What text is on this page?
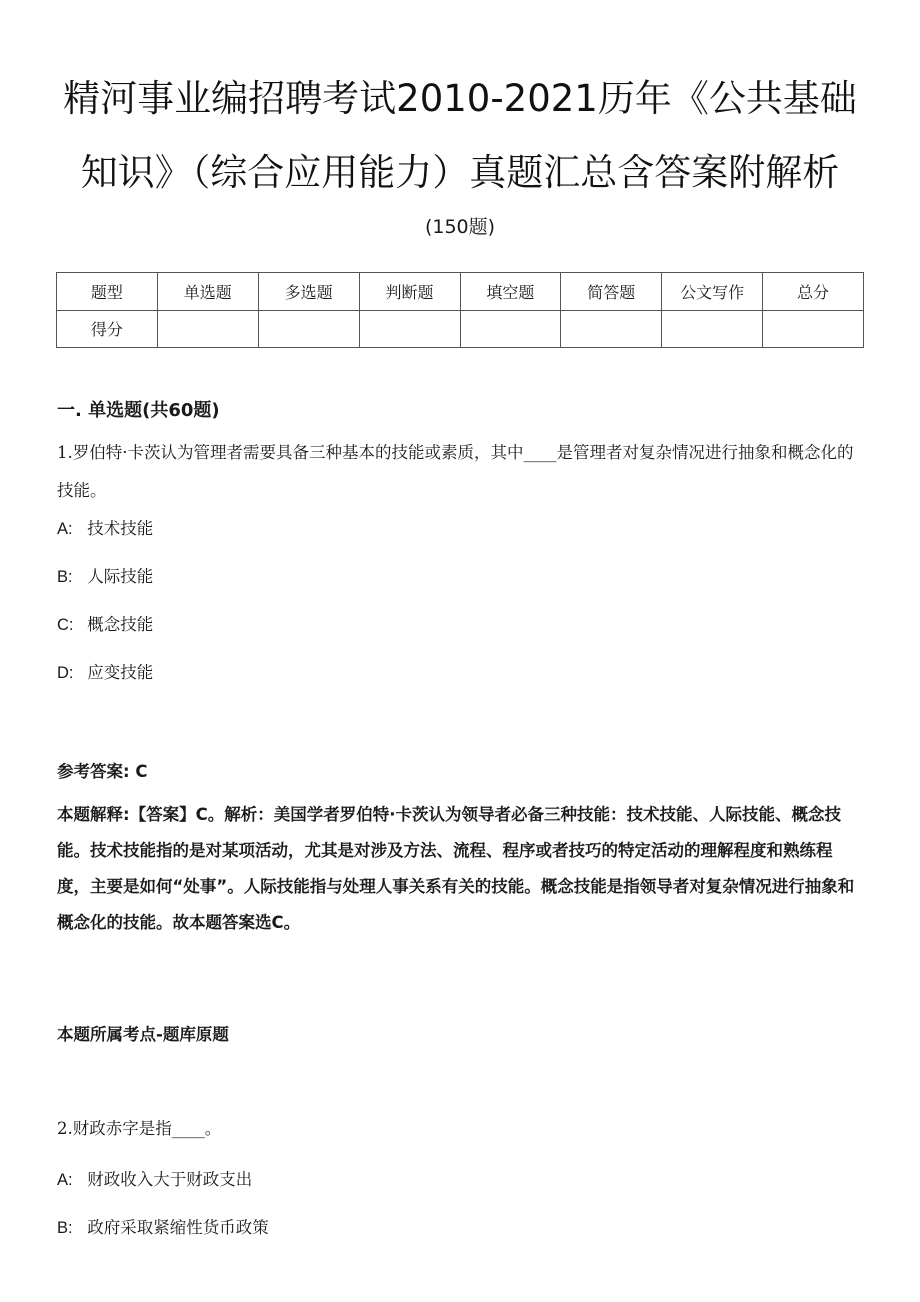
精河事业编招聘考试2010-2021历年《公共基础
知识》（综合应用能力）真题汇总含答案附解析
(150题)
题型	单选题	多选题	判断题	填空题	简答题	公文写作	总分
得分							
一. 单选题(共60题)
1.罗伯特·卡茨认为管理者需要具备三种基本的技能或素质，其中____是管理者对复杂情况进行抽象和概念化的技能。
A: 技术技能
B: 人际技能
C: 概念技能
D: 应变技能
参考答案: C
本题解释:【答案】C。解析：美国学者罗伯特·卡茨认为领导者必备三种技能：技术技能、人际技能、概念技能。技术技能指的是对某项活动，尤其是对涉及方法、流程、程序或者技巧的特定活动的理解程度和熟练程度，主要是如何“处事”。人际技能指与处理人事关系有关的技能。概念技能是指领导者对复杂情况进行抽象和概念化的技能。故本题答案选C。
本题所属考点-题库原题
2.财政赤字是指____。
A: 财政收入大于财政支出
B: 政府采取紧缩性货币政策
